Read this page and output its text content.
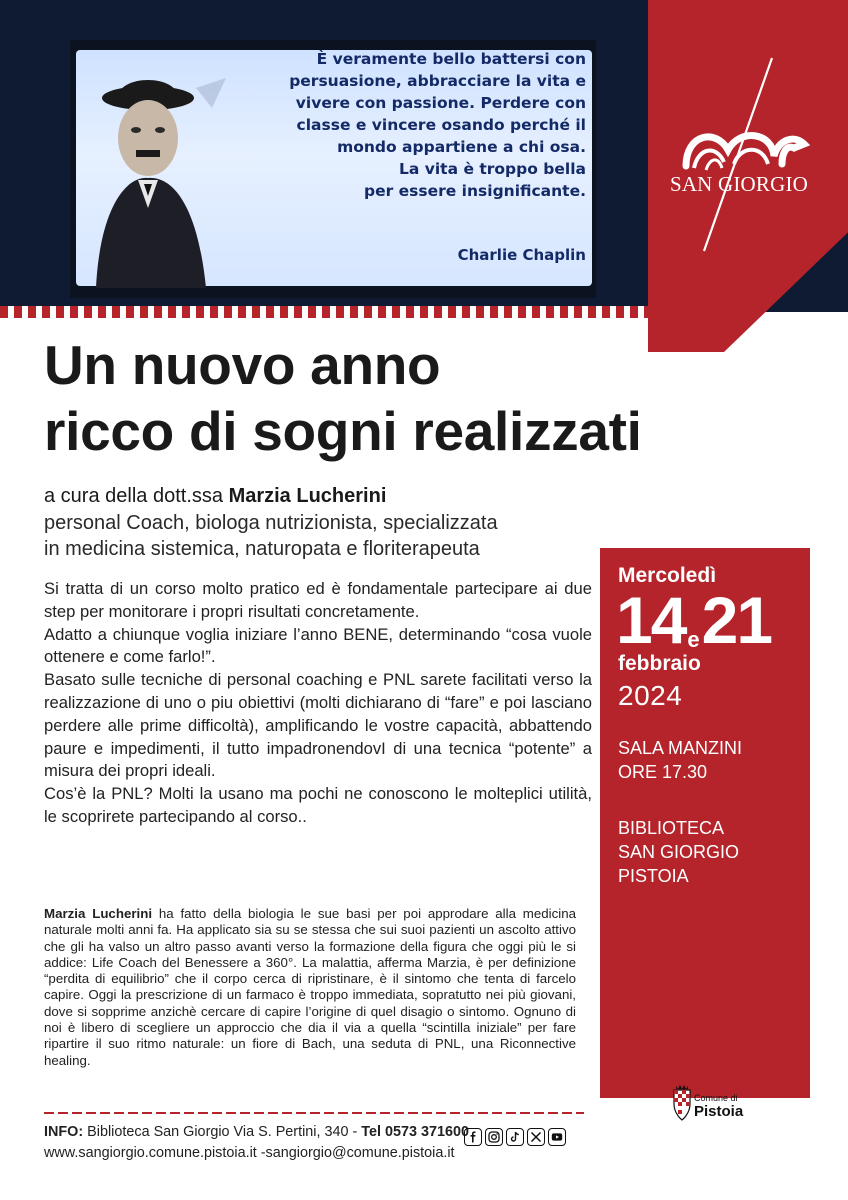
SAN GIORGIO
È veramente bello battersi con
persuasione, abbracciare la vita e
vivere con passione. Perdere con
classe e vincere osando perché il
mondo appartiene a chi osa.
La vita è troppo bella
per essere insignificante.
Charlie Chaplin
Un nuovo anno
ricco di sogni realizzati
a cura della dott.ssa Marzia Lucherini
personal Coach, biologa nutrizionista, specializzata
in medicina sistemica, naturopata e floriterapeuta

Si tratta di un corso molto pratico ed è fondamentale partecipare ai due step per monitorare i propri risultati concretamente.

Adatto a chiunque voglia iniziare l’anno BENE, determinando “cosa vuole ottenere e come farlo!”.

Basato sulle tecniche di personal coaching e PNL sarete facilitati verso la realizzazione di uno o piu obiettivi (molti dichiarano di “fare” e poi lasciano perdere alle prime difficoltà), amplificando le vostre capacità, abbattendo paure e impedimenti, il tutto impadronendovI di una tecnica “potente” a misura dei propri ideali.

Cos’è la PNL? Molti la usano ma pochi ne conoscono le molteplici utilità, le scoprirete partecipando al corso..

Mercoledì
14e21
febbraio
2024
SALA MANZINI
ORE 17.30
BIBLIOTECA
SAN GIORGIO
PISTOIA
Marzia Lucherini ha fatto della biologia le sue basi per poi approdare alla medicina naturale molti anni fa. Ha applicato sia su se stessa che sui suoi pazienti un ascolto attivo che gli ha valso un altro passo avanti verso la formazione della figura che oggi più le si addice: Life Coach del Benessere a 360°. La malattia, afferma Marzia, è per definizione “perdita di equilibrio” che il corpo cerca di ripristinare, è il sintomo che tenta di farcelo capire. Oggi la prescrizione di un farmaco è troppo immediata, sopratutto nei più giovani, dove si sopprime anzichè cercare di capire l’origine di quel disagio o sintomo. Ognuno di noi è libero di scegliere un approccio che dia il via a quella “scintilla iniziale” per fare ripartire il suo ritmo naturale: un fiore di Bach, una seduta di PNL, una Riconnective healing.
INFO: Biblioteca San Giorgio Via S. Pertini, 340 - Tel 0573 371600
www.sangiorgio.comune.pistoia.it -sangiorgio@comune.pistoia.it
Comune di
Pistoia
